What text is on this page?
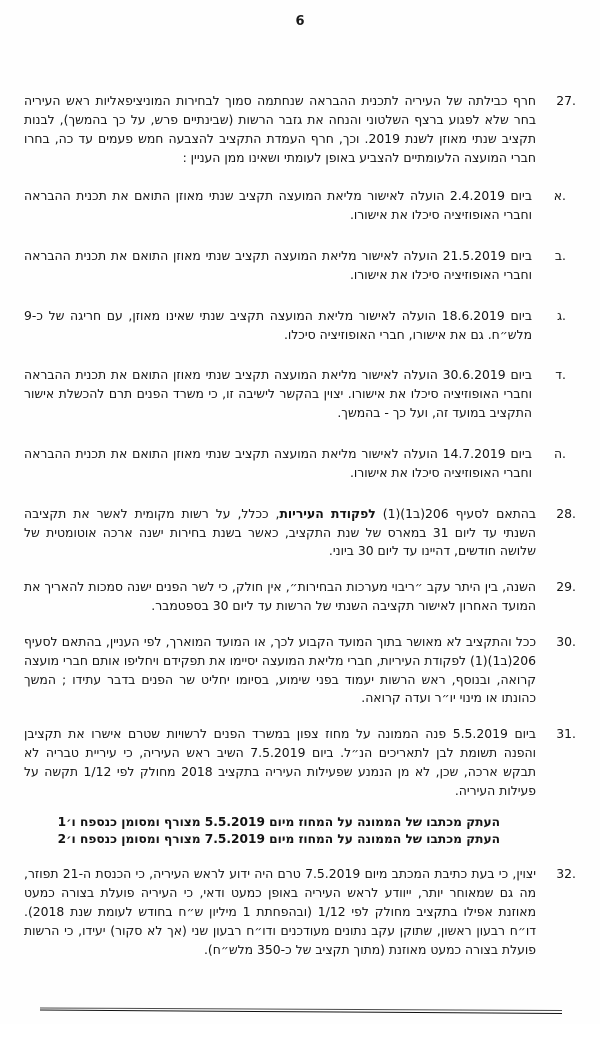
6
27.
חרף כבילתה של העיריה לתכנית ההבראה שנחתמה סמוך לבחירות המוניציפאליות ראש העיריה בחר שלא לפגוע ברצף השלטוני והנחה את גזבר הרשות (שבינתיים פרש, על כך בהמשך), לבנות תקציב שנתי מאוזן לשנת 2019. וכך, חרף העמדת התקציב להצבעה חמש פעמים עד כה, בחרו חברי המועצה הלעומתיים להצביע באופן לעומתי ושאינו ממן העניין :
.א
ביום 2.4.2019 הועלה לאישור מליאת המועצה תקציב שנתי מאוזן התואם את תכנית ההבראה וחברי האופוזיציה סיכלו את אישורו.
.ב
ביום 21.5.2019 הועלה לאישור מליאת המועצה תקציב שנתי מאוזן התואם את תכנית ההבראה וחברי האופוזיציה סיכלו את אישורו.
.ג
ביום 18.6.2019 הועלה לאישור מליאת המועצה תקציב שנתי שאינו מאוזן, עם חריגה של כ-9 מלש״ח. גם את אישורו, חברי האופוזיציה סיכלו.
.ד
ביום 30.6.2019 הועלה לאישור מליאת המועצה תקציב שנתי מאוזן התואם את תכנית ההבראה וחברי האופוזיציה סיכלו את אישורו. יצוין בהקשר לישיבה זו, כי משרד הפנים תרם להכשלת אישור התקציב במועד זה, ועל כך - בהמשך.
.ה
ביום 14.7.2019 הועלה לאישור מליאת המועצה תקציב שנתי מאוזן התואם את תכנית ההבראה וחברי האופוזיציה סיכלו את אישורו.
28.
בהתאם לסעיף 206(ב1)(1) לפקודת העיריות, ככלל, על רשות מקומית לאשר את תקציבה השנתי עד ליום 31 במארס של שנת התקציב, כאשר בשנת בחירות ישנה ארכה אוטומטית של שלושה חודשים, דהיינו עד ליום 30 ביוני.
29.
השנה, בין היתר עקב ״ריבוי מערכות הבחירות״, אין חולק, כי לשר הפנים ישנה סמכות להאריך את המועד האחרון לאישור תקציבה השנתי של הרשות עד ליום 30 בספטמבר.
30.
ככל והתקציב לא מאושר בתוך המועד הקבוע לכך, או המועד המוארך, לפי העניין, בהתאם לסעיף 206(ב1)(1) לפקודת העיריות, חברי מליאת המועצה יסיימו את תפקידם ויחליפו אותם חברי מועצה קרואה, ובנוסף, ראש הרשות יעמוד בפני שימוע, בסיומו יחליט שר הפנים בדבר עתידו ; המשך כהונתו או מינוי יו״ר ועדה קרואה.
31.
ביום 5.5.2019 פנה הממונה על מחוז צפון במשרד הפנים לרשויות שטרם אישרו את תקציבן והפנה תשומת לבן לתאריכים הנ״ל. ביום 7.5.2019 השיב ראש העיריה, כי עיריית טבריה לא תבקש ארכה, שכן, לא מן הנמנע שפעילות העיריה בתקציב 2018 מחולק לפי 1/12 תקשה על פעילות העיריה.
העתק מכתבו של הממונה על המחוז מיום 5.5.2019 מצורף ומסומן כנספח ו׳1
העתק מכתבו של הממונה על המחוז מיום 7.5.2019 מצורף ומסומן כנספח ו׳2
32.
יצוין, כי בעת כתיבת המכתב מיום 7.5.2019 טרם היה ידוע לראש העיריה, כי הכנסת ה-21 תפוזר, מה גם שמאוחר יותר, ייוודע לראש העיריה באופן כמעט ודאי, כי העיריה פועלת בצורה כמעט מאוזנת אפילו בתקציב מחולק לפי 1/12 (ובהפחתת 1 מיליון ש״ח בחודש לעומת שנת 2018). דו״ח רבעון ראשון, שתוקן עקב נתונים מעודכנים ודו״ח רבעון שני (אך לא סקור) יעידו, כי הרשות פועלת בצורה כמעט מאוזנת (מתוך תקציב של כ-350 מלש״ח).
